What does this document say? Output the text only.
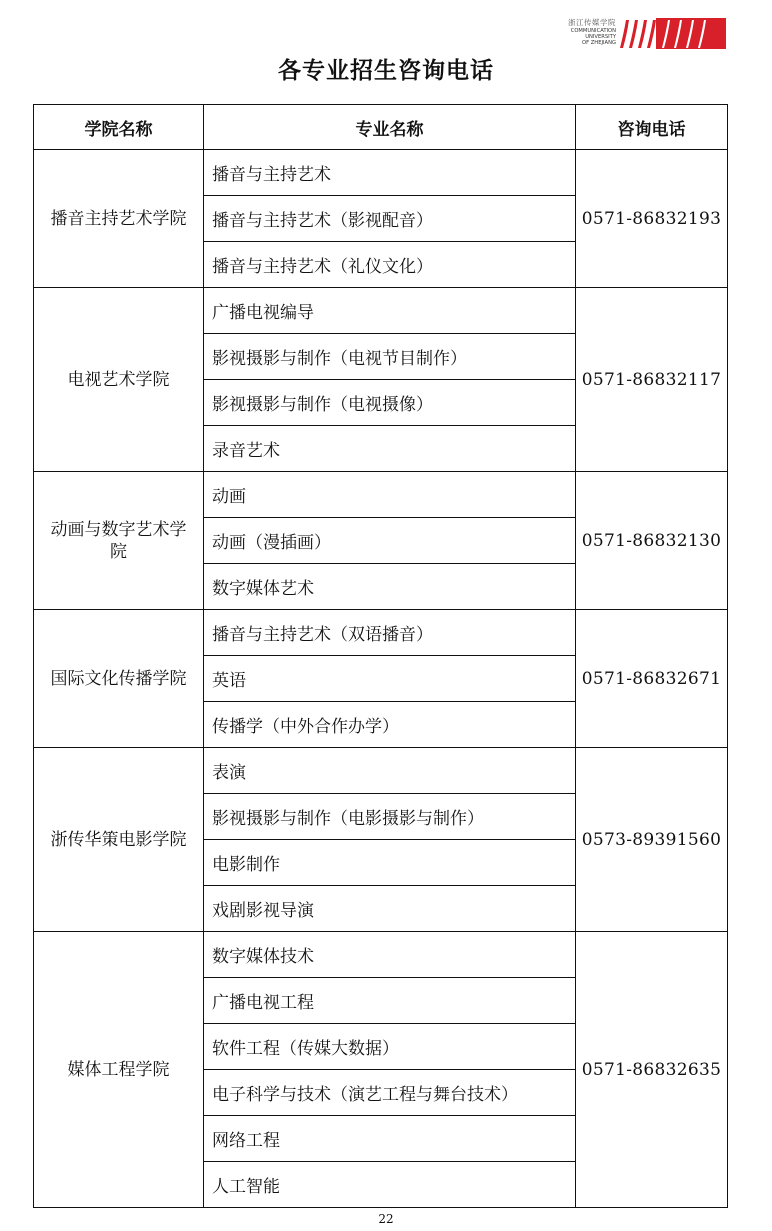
浙江传媒学院
COMMUNICATION
UNIVERSITY
OF ZHEJIANG
各专业招生咨询电话
学院名称	专业名称	咨询电话
播音主持艺术学院	播音与主持艺术	0571-86832193
	播音与主持艺术（影视配音）	
	播音与主持艺术（礼仪文化）	
电视艺术学院	广播电视编导	0571-86832117
	影视摄影与制作（电视节目制作）	
	影视摄影与制作（电视摄像）	
	录音艺术	
动画与数字艺术学院	动画	0571-86832130
	动画（漫插画）	
	数字媒体艺术	
国际文化传播学院	播音与主持艺术（双语播音）	0571-86832671
	英语	
	传播学（中外合作办学）	
浙传华策电影学院	表演	0573-89391560
	影视摄影与制作（电影摄影与制作）	
	电影制作	
	戏剧影视导演	
媒体工程学院	数字媒体技术	0571-86832635
	广播电视工程	
	软件工程（传媒大数据）	
	电子科学与技术（演艺工程与舞台技术）	
	网络工程	
	人工智能	
22
